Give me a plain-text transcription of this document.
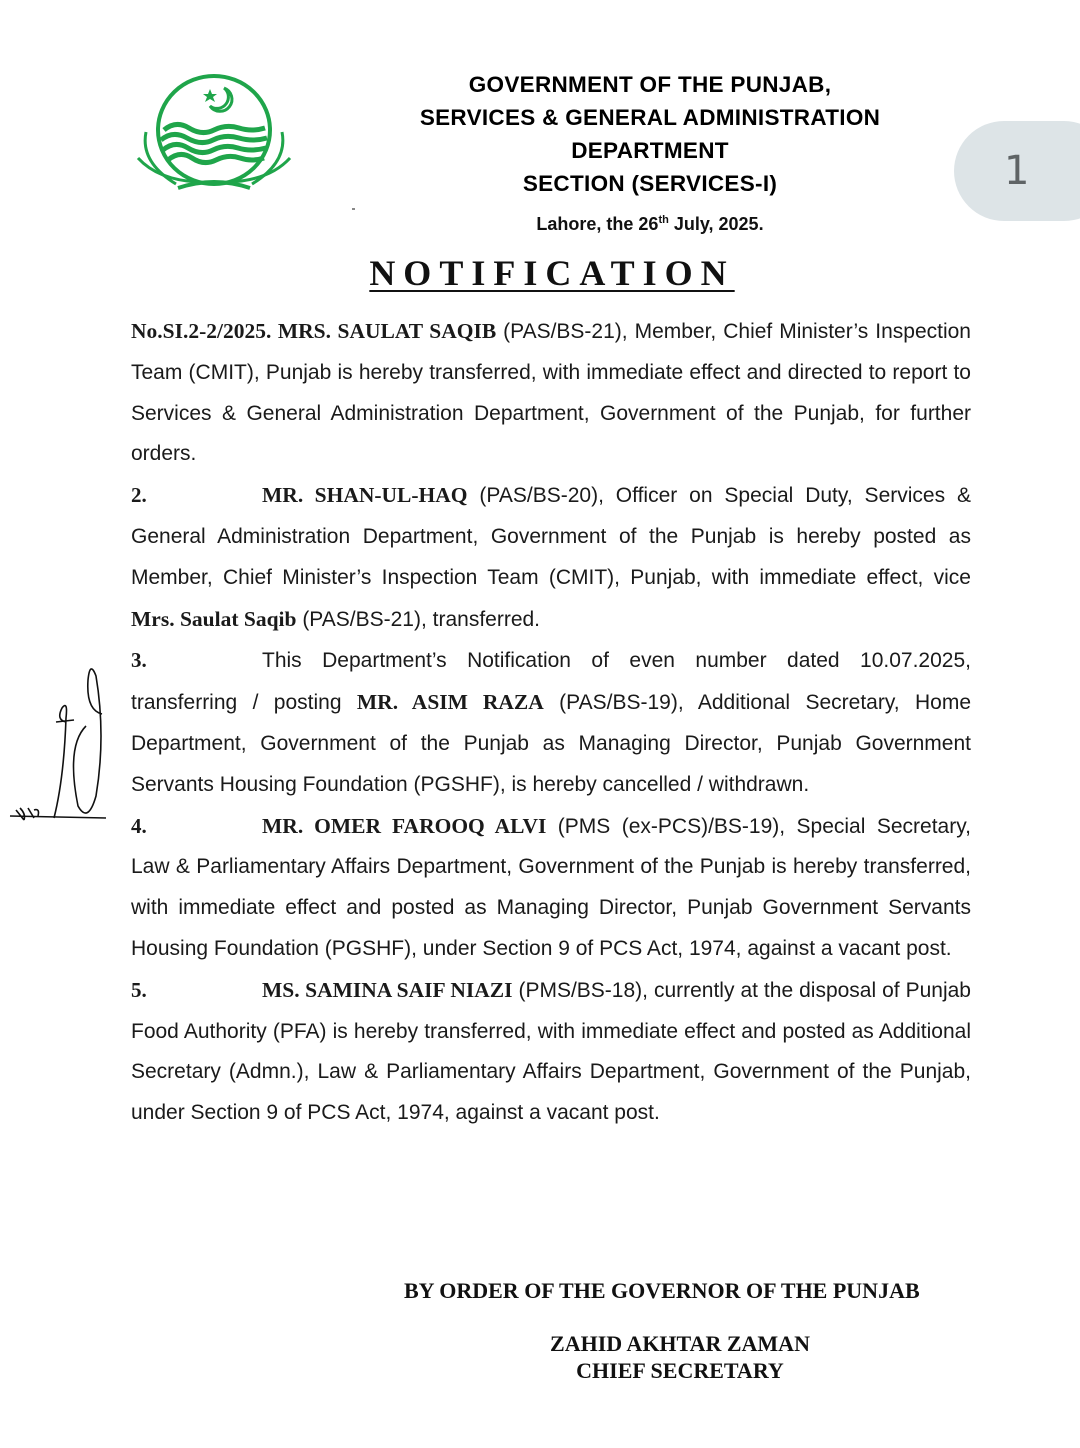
GOVERNMENT OF THE PUNJAB,
SERVICES & GENERAL ADMINISTRATION
DEPARTMENT
SECTION (SERVICES-I)
Lahore, the 26th July, 2025.
1
NOTIFICATION

No.SI.2-2/2025. MRS. SAULAT SAQIB (PAS/BS-21), Member, Chief Minister’s Inspection Team (CMIT), Punjab is hereby transferred, with immediate effect and directed to report to Services & General Administration Department, Government of the Punjab, for further orders.

2.	MR. SHAN-UL-HAQ (PAS/BS-20), Officer on Special Duty, Services & General Administration Department, Government of the Punjab is hereby posted as Member, Chief Minister’s Inspection Team (CMIT), Punjab, with immediate effect, vice Mrs. Saulat Saqib (PAS/BS-21), transferred.

3.	This Department’s Notification of even number dated 10.07.2025, transferring / posting MR. ASIM RAZA (PAS/BS-19), Additional Secretary, Home Department, Government of the Punjab as Managing Director, Punjab Government Servants Housing Foundation (PGSHF), is hereby cancelled / withdrawn.

4.	MR. OMER FAROOQ ALVI (PMS (ex-PCS)/BS-19), Special Secretary, Law & Parliamentary Affairs Department, Government of the Punjab is hereby transferred, with immediate effect and posted as Managing Director, Punjab Government Servants Housing Foundation (PGSHF), under Section 9 of PCS Act, 1974, against a vacant post.

5.	MS. SAMINA SAIF NIAZI (PMS/BS-18), currently at the disposal of Punjab Food Authority (PFA) is hereby transferred, with immediate effect and posted as Additional Secretary (Admn.), Law & Parliamentary Affairs Department, Government of the Punjab, under Section 9 of PCS Act, 1974, against a vacant post.

BY ORDER OF THE GOVERNOR OF THE PUNJAB
ZAHID AKHTAR ZAMAN
CHIEF SECRETARY
